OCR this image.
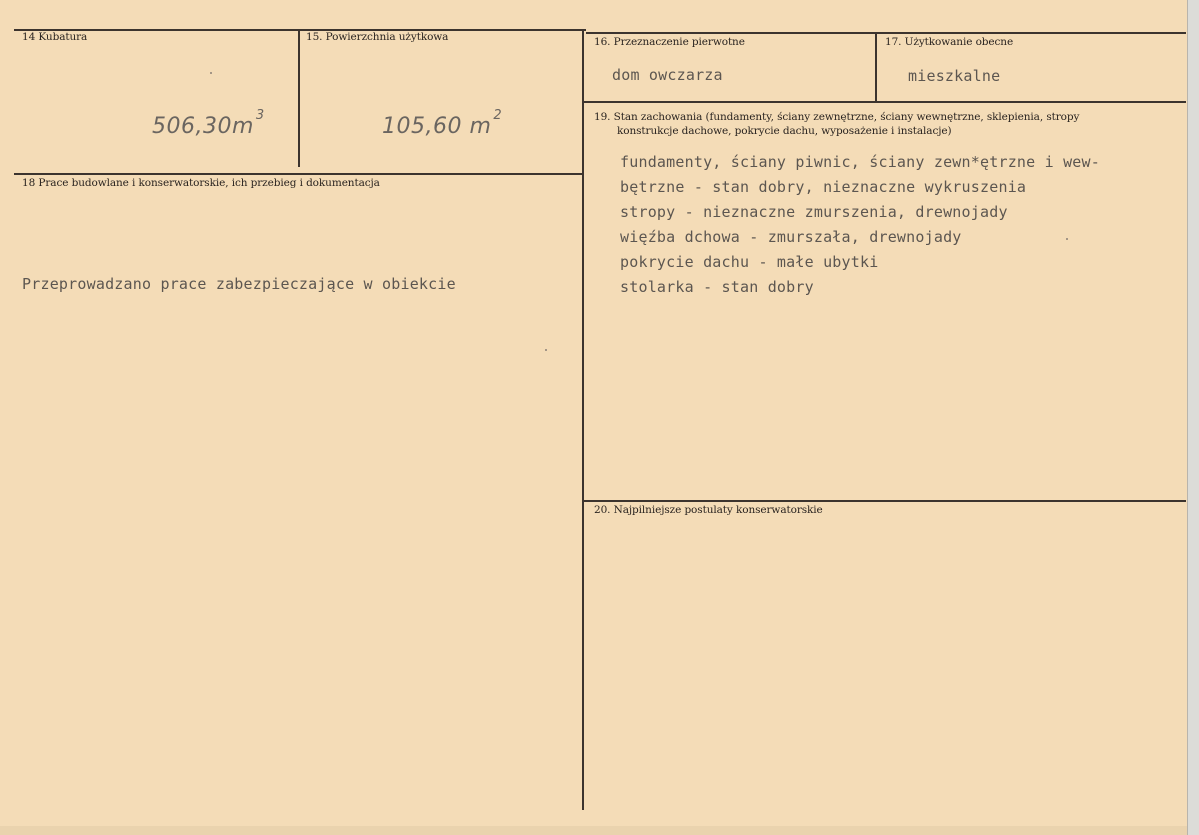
14 Kubatura
506,30m $^3$
15. Powierzchnia użytkowa
105,60 m $^2$
16. Przeznaczenie pierwotne
dom owczarza
17. Użytkowanie obecne
mieszkalne
18 Prace budowlane i konserwatorskie, ich przebieg i dokumentacja
Przeprowadzano prace zabezpieczające w obiekcie
19. Stan zachowania (fundamenty, ściany zewnętrzne, ściany wewnętrzne, sklepienia, stropy
konstrukcje dachowe, pokrycie dachu, wyposażenie i instalacje)
fundamenty, ściany piwnic, ściany zewn*ętrzne i wew-
bętrzne - stan dobry, nieznaczne wykruszenia
stropy - nieznaczne zmurszenia, drewnojady
więźba dchowa - zmurszała, drewnojady
pokrycie dachu - małe ubytki
stolarka - stan dobry
20. Najpilniejsze postulaty konserwatorskie
